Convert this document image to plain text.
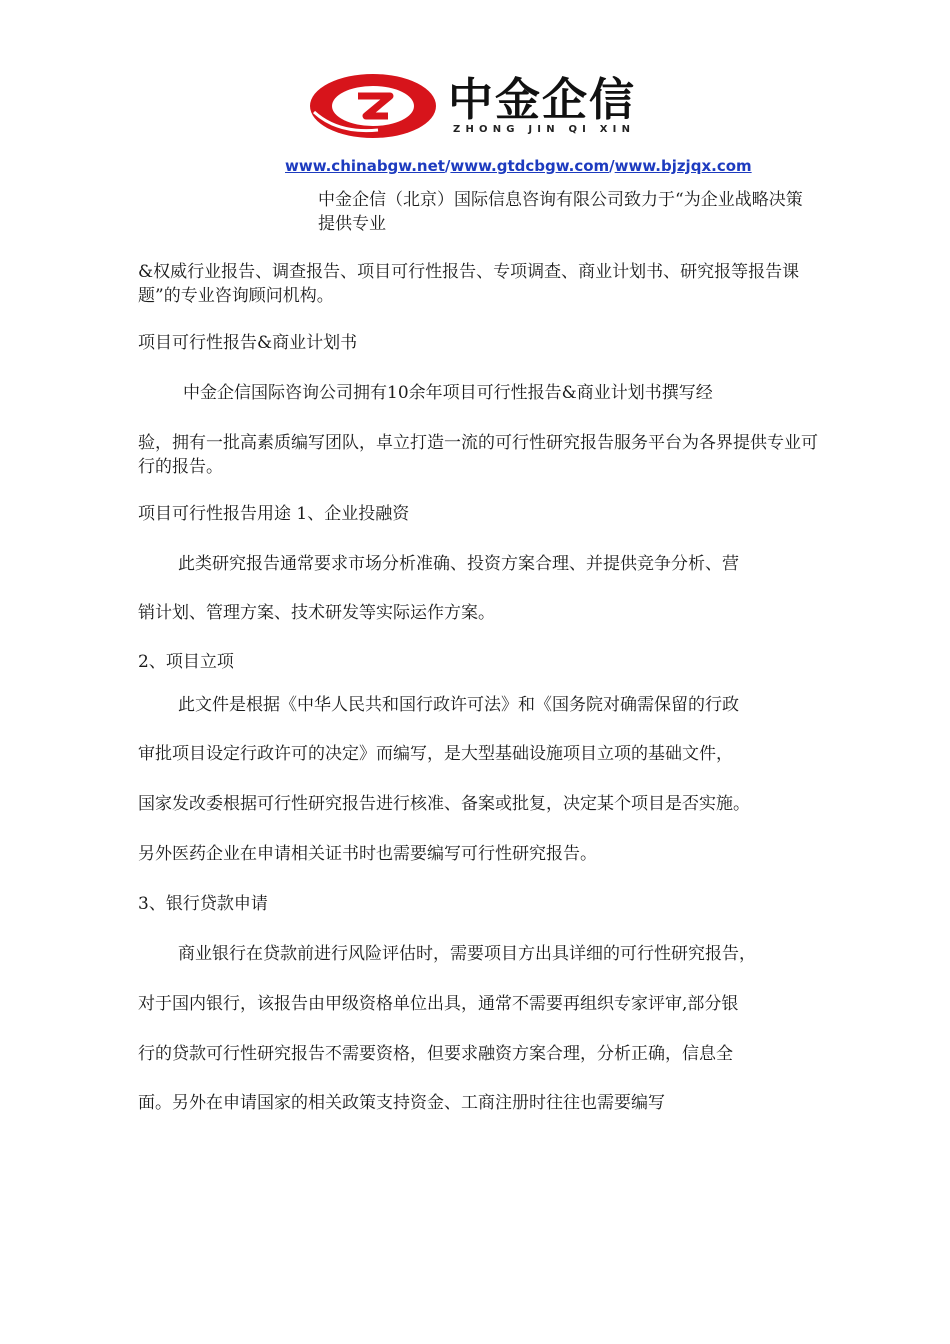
中金企信
ZHONG JIN QI XIN
www.chinabgw.net/www.gtdcbgw.com/www.bjzjqx.com

中金企信（北京）国际信息咨询有限公司致力于“为企业战略决策提供专业

&权威行业报告、调查报告、项目可行性报告、专项调查、商业计划书、研究报等报告课题”的专业咨询顾问机构。

项目可行性报告&商业计划书

中金企信国际咨询公司拥有10余年项目可行性报告&商业计划书撰写经

验，拥有一批高素质编写团队，卓立打造一流的可行性研究报告服务平台为各界提供专业可行的报告。

项目可行性报告用途 1、企业投融资

此类研究报告通常要求市场分析准确、投资方案合理、并提供竞争分析、营

销计划、管理方案、技术研发等实际运作方案。

2、项目立项

此文件是根据《中华人民共和国行政许可法》和《国务院对确需保留的行政

审批项目设定行政许可的决定》而编写，是大型基础设施项目立项的基础文件，

国家发改委根据可行性研究报告进行核准、备案或批复，决定某个项目是否实施。

另外医药企业在申请相关证书时也需要编写可行性研究报告。

3、银行贷款申请

商业银行在贷款前进行风险评估时，需要项目方出具详细的可行性研究报告，

对于国内银行，该报告由甲级资格单位出具，通常不需要再组织专家评审,部分银

行的贷款可行性研究报告不需要资格，但要求融资方案合理，分析正确，信息全

面。另外在申请国家的相关政策支持资金、工商注册时往往也需要编写
